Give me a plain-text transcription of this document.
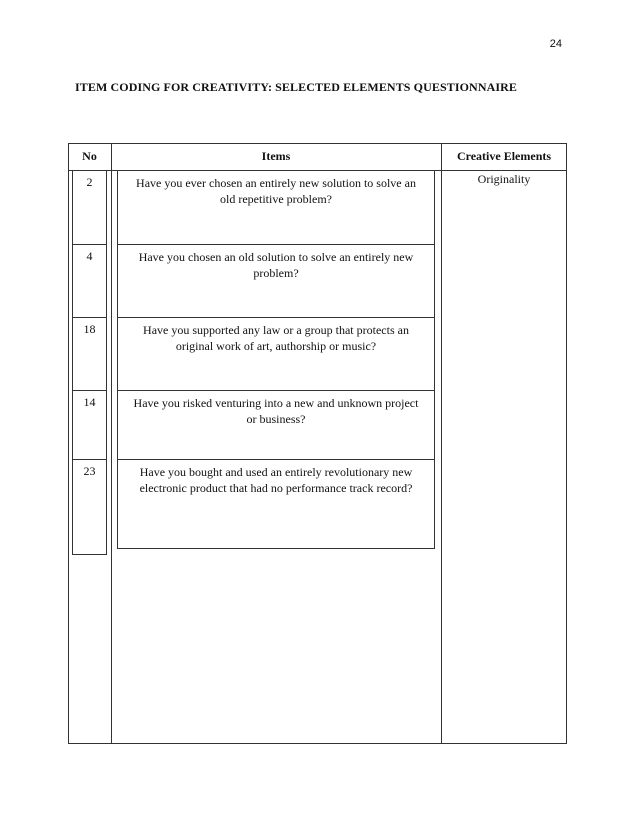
24
ITEM CODING FOR CREATIVITY: SELECTED ELEMENTS QUESTIONNAIRE
No	Items	Creative Elements
2	Have you ever chosen an entirely new solution to solve an old repetitive problem?
4	Have you chosen an old solution to solve an entirely new problem?
18	Have you supported any law or a group that protects an original work of art, authorship or music?
14	Have you risked venturing into a new and unknown project or business?
23	Have you bought and used an entirely revolutionary new electronic product that had no performance track record?
Originality
